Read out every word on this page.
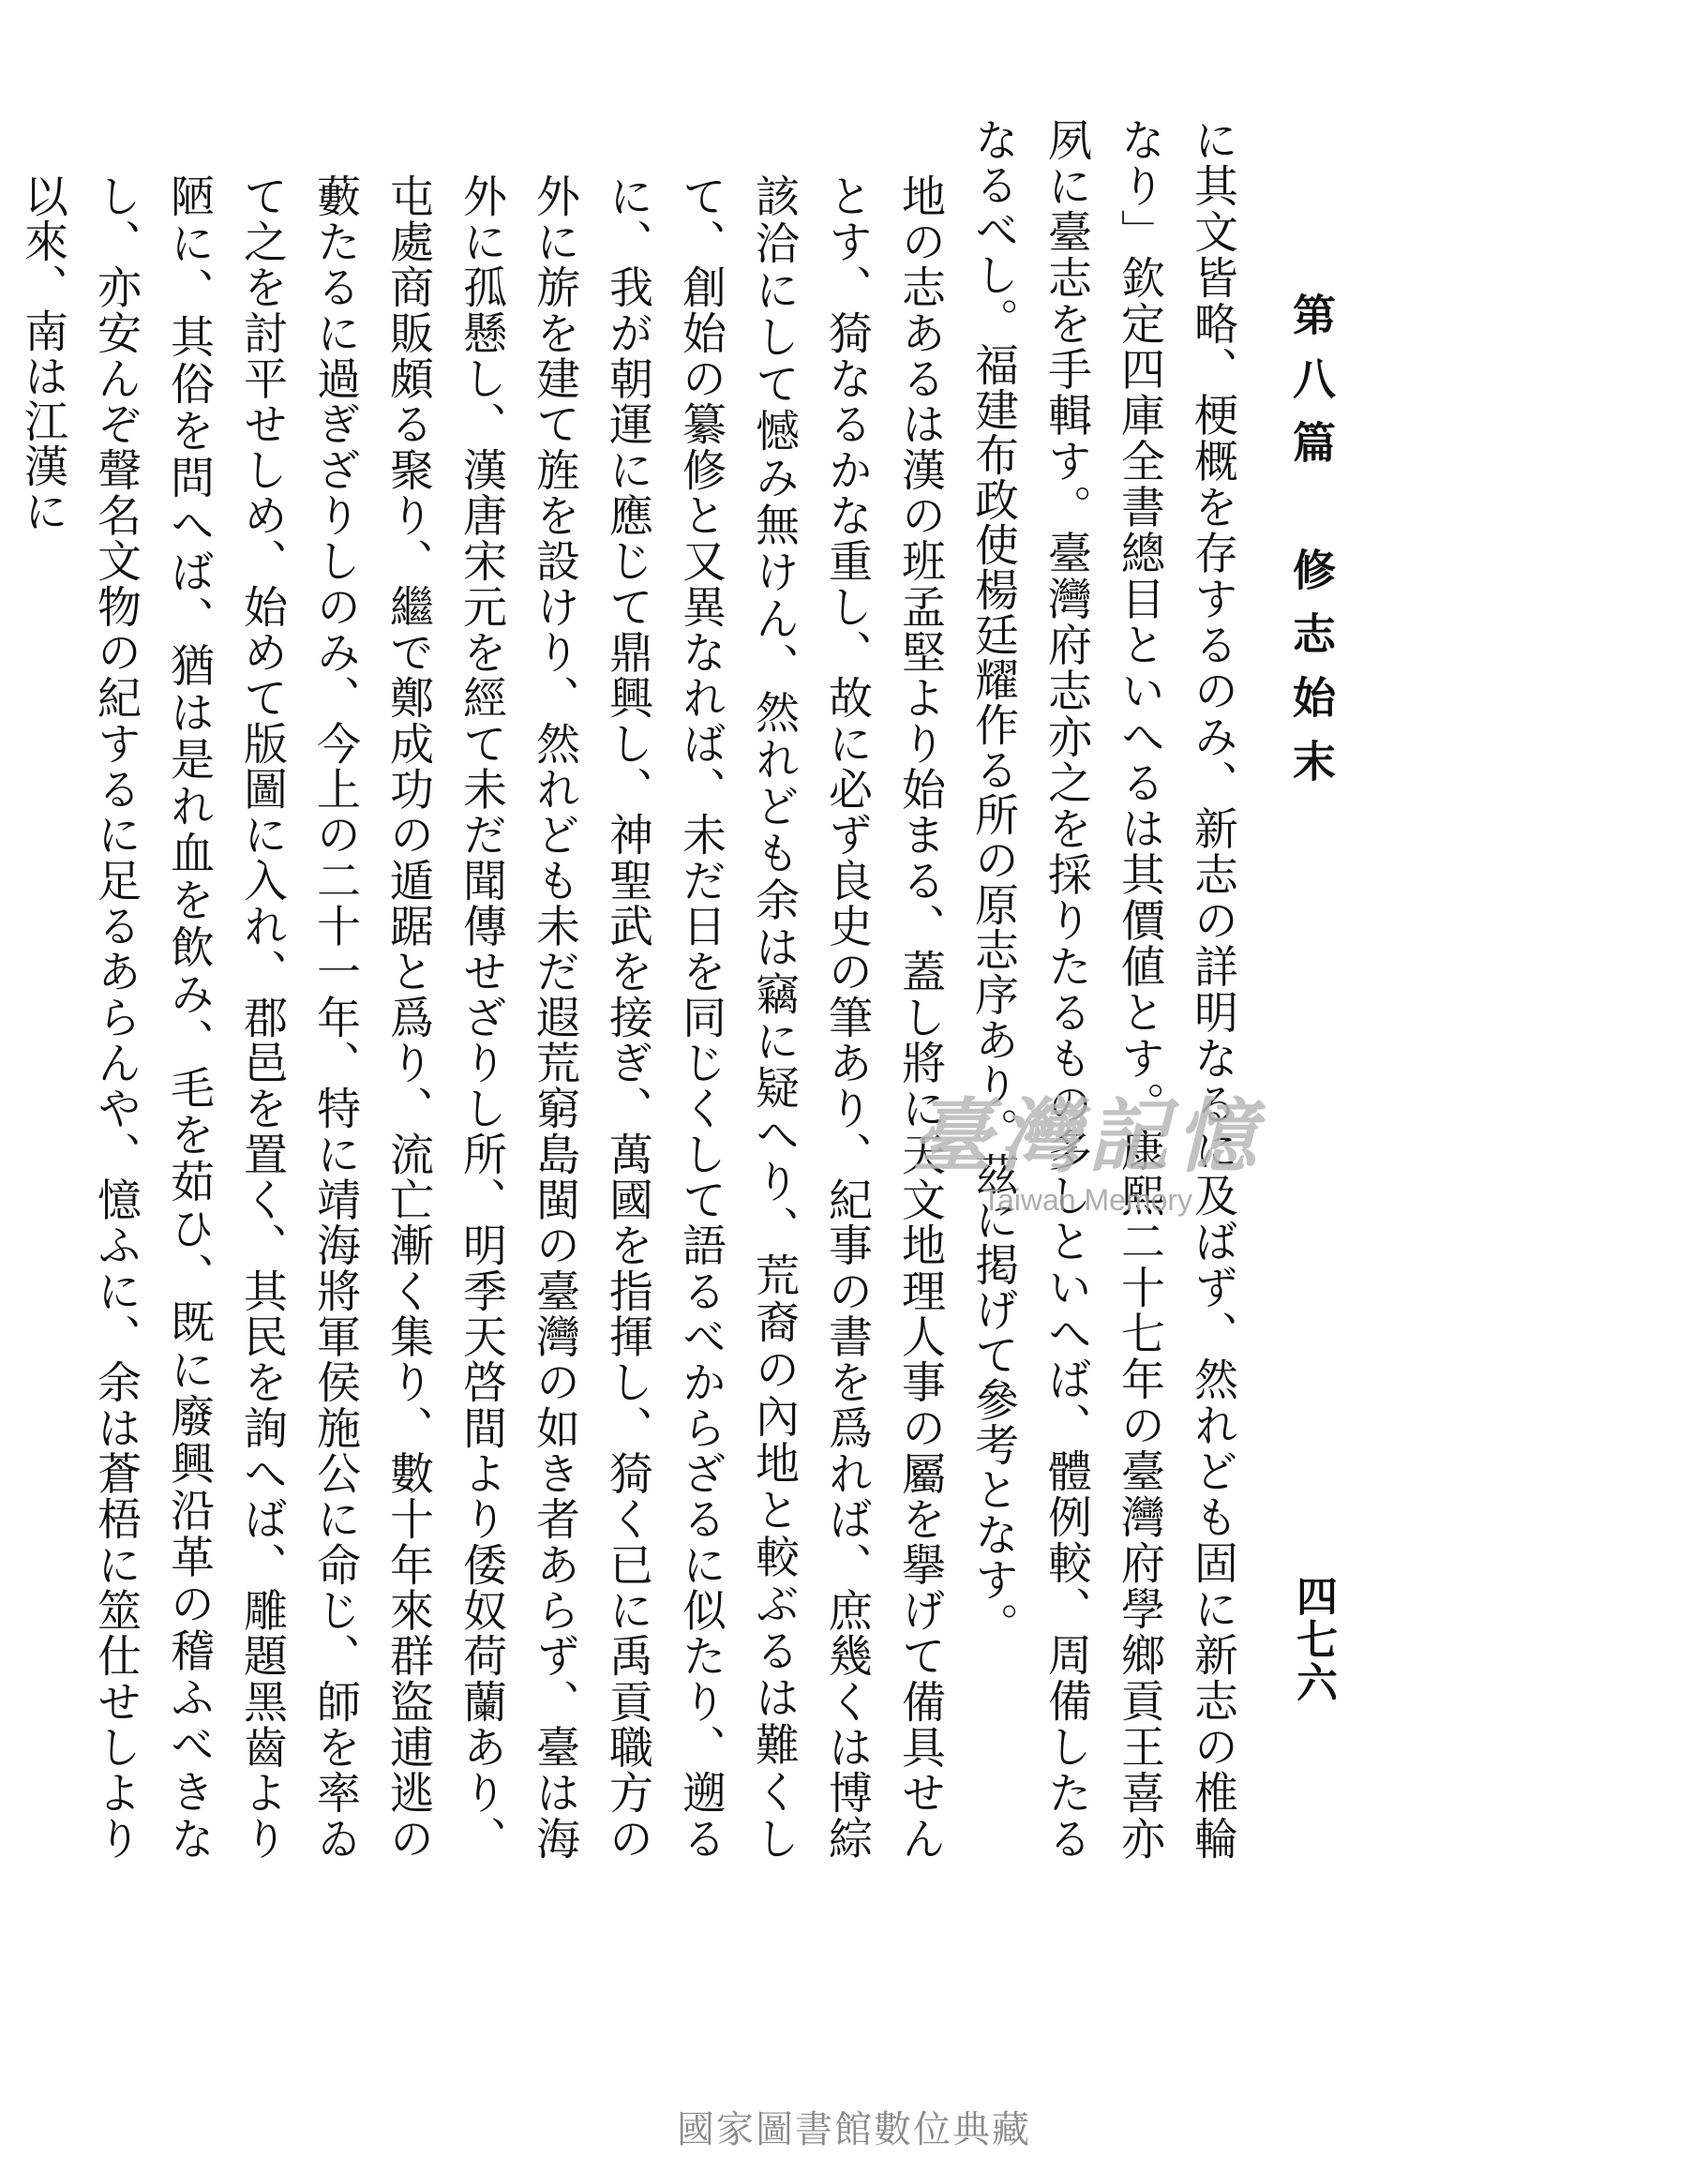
第八篇　修志始末
四七六

に其文皆略、梗概を存するのみ、新志の詳明なるに及ばず、然れども固に新志の椎輪なり」欽定四庫全書總目といへるは其價値とす。康熙二十七年の臺灣府學鄉貢王喜亦夙に臺志を手輯す。臺灣府志亦之を採りたるもの多しといへば、體例較、周備したるなるべし。福建布政使楊廷耀作る所の原志序あり。茲に掲げて參考となす。

地の志あるは漢の班孟堅より始まる、蓋し將に天文地理人事の屬を擧げて備具せんとす、猗なるかな重し、故に必ず良史の筆あり、紀事の書を爲れば、庶幾くは博綜該洽にして憾み無けん、然れども余は竊に疑へり、荒裔の內地と較ぶるは難くして、創始の纂修と又異なれば、未だ日を同じくして語るべからざるに似たり、遡るに、我が朝運に應じて鼎興し、神聖武を接ぎ、萬國を指揮し、猗く已に禹貢職方の外に旂を建て旌を設けり、然れども未だ遐荒窮島閩の臺灣の如き者あらず、臺は海外に孤懸し、漢唐宋元を經て未だ聞傳せざりし所、明季天啓間より倭奴荷蘭あり、屯處商販頗る聚り、繼で鄭成功の遁踞と爲り、流亡漸く集り、數十年來群盜逋逃の藪たるに過ぎざりしのみ、今上の二十一年、特に靖海將軍侯施公に命じ、師を率ゐて之を討平せしめ、始めて版圖に入れ、郡邑を置く、其民を詢へば、雕題黑齒より陋に、其俗を問へば、猶は是れ血を飲み、毛を茹ひ、既に廢興沿革の稽ふべきなし、亦安んぞ聲名文物の紀するに足るあらんや、憶ふに、余は蒼梧に筮仕せしより以來、南は江漢に

臺灣記憶
Taiwan Memory
國家圖書館數位典藏
